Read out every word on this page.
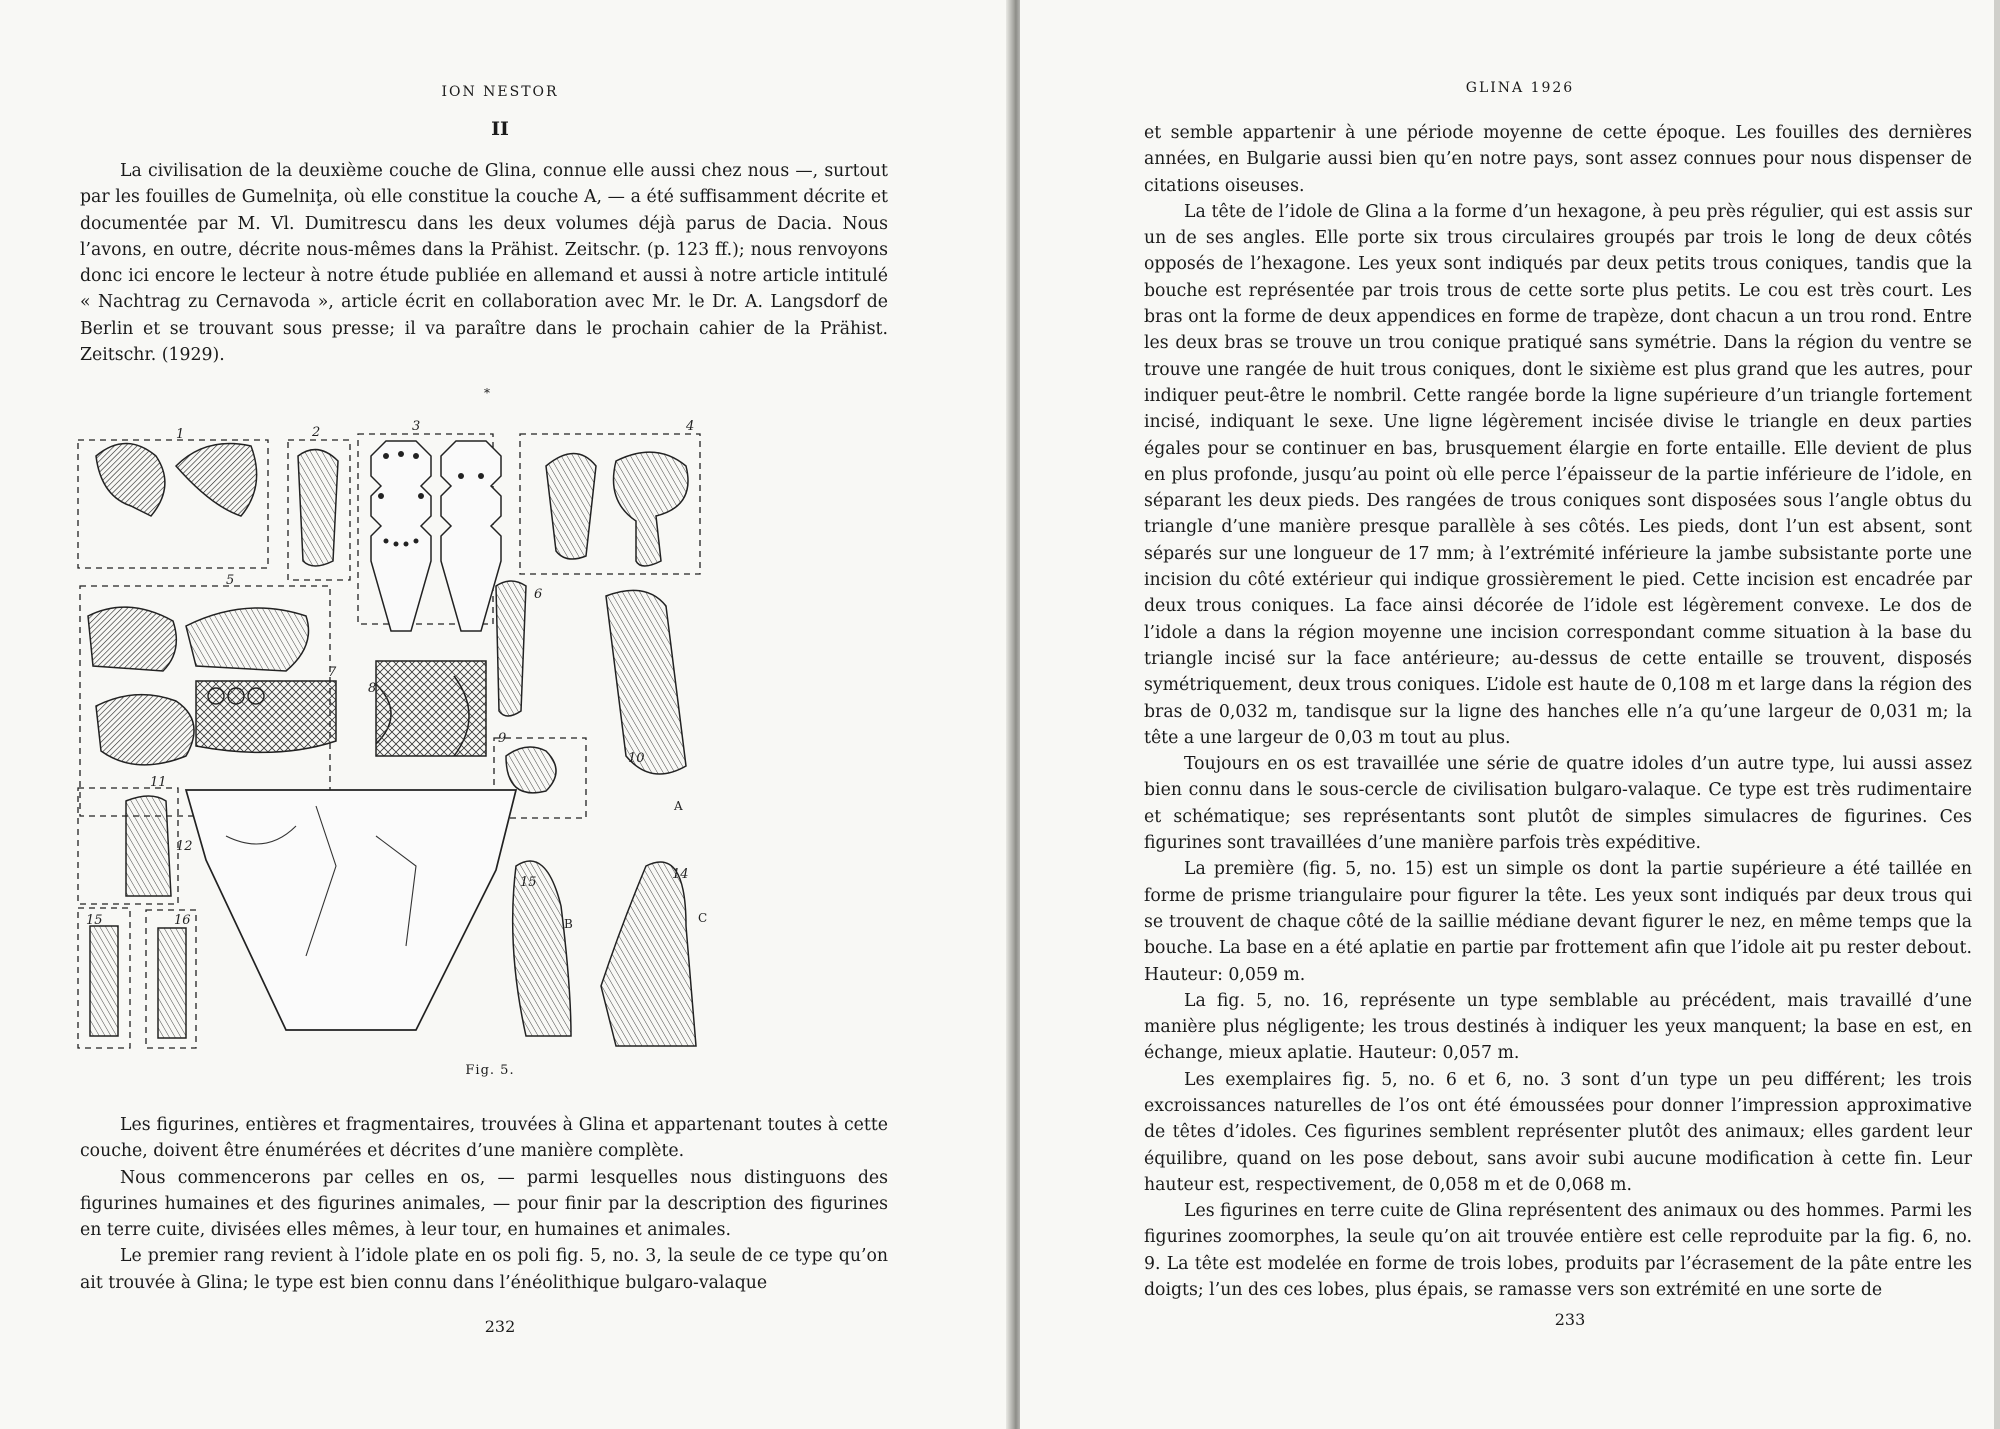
ION NESTOR
II

La civilisation de la deuxième couche de Glina, connue elle aussi chez nous —, surtout par les fouilles de Gumelniţa, où elle constitue la couche A, — a été suffisamment décrite et documentée par M. Vl. Dumitrescu dans les deux volumes déjà parus de Dacia. Nous l’avons, en outre, décrite nous-mêmes dans la Prähist. Zeitschr. (p. 123 ff.); nous renvoyons donc ici encore le lecteur à notre étude publiée en allemand et aussi à notre article intitulé « Nachtrag zu Cernavoda », article écrit en collaboration avec Mr. le Dr. A. Langsdorf de Berlin et se trouvant sous presse; il va paraître dans le prochain cahier de la Prähist. Zeitschr. (1929).

*
1	2	3	4
5
6
7
8
9
10
11
12
14
15
15	16
A
B	C
Fig. 5.

Les figurines, entières et fragmentaires, trouvées à Glina et appartenant toutes à cette couche, doivent être énumérées et décrites d’une manière complète.

Nous commencerons par celles en os, — parmi lesquelles nous distinguons des figurines humaines et des figurines animales, — pour finir par la description des figurines en terre cuite, divisées elles mêmes, à leur tour, en humaines et animales.

Le premier rang revient à l’idole plate en os poli fig. 5, no. 3, la seule de ce type qu’on ait trouvée à Glina; le type est bien connu dans l’énéolithique bulgaro-valaque

232
GLINA 1926

et semble appartenir à une période moyenne de cette époque. Les fouilles des dernières années, en Bulgarie aussi bien qu’en notre pays, sont assez connues pour nous dispenser de citations oiseuses.

La tête de l’idole de Glina a la forme d’un hexagone, à peu près régulier, qui est assis sur un de ses angles. Elle porte six trous circulaires groupés par trois le long de deux côtés opposés de l’hexagone. Les yeux sont indiqués par deux petits trous coniques, tandis que la bouche est représentée par trois trous de cette sorte plus petits. Le cou est très court. Les bras ont la forme de deux appendices en forme de trapèze, dont chacun a un trou rond. Entre les deux bras se trouve un trou conique pratiqué sans symétrie. Dans la région du ventre se trouve une rangée de huit trous coniques, dont le sixième est plus grand que les autres, pour indiquer peut-être le nombril. Cette rangée borde la ligne supérieure d’un triangle fortement incisé, indiquant le sexe. Une ligne légèrement incisée divise le triangle en deux parties égales pour se continuer en bas, brusquement élargie en forte entaille. Elle devient de plus en plus profonde, jusqu’au point où elle perce l’épaisseur de la partie inférieure de l’idole, en séparant les deux pieds. Des rangées de trous coniques sont disposées sous l’angle obtus du triangle d’une manière presque parallèle à ses côtés. Les pieds, dont l’un est absent, sont séparés sur une longueur de 17 mm; à l’extrémité inférieure la jambe subsistante porte une incision du côté extérieur qui indique grossièrement le pied. Cette incision est encadrée par deux trous coniques. La face ainsi décorée de l’idole est légèrement convexe. Le dos de l’idole a dans la région moyenne une incision correspondant comme situation à la base du triangle incisé sur la face antérieure; au-dessus de cette entaille se trouvent, disposés symétriquement, deux trous coniques. L’idole est haute de 0,108 m et large dans la région des bras de 0,032 m, tandisque sur la ligne des hanches elle n’a qu’une largeur de 0,031 m; la tête a une largeur de 0,03 m tout au plus.

Toujours en os est travaillée une série de quatre idoles d’un autre type, lui aussi assez bien connu dans le sous-cercle de civilisation bulgaro-valaque. Ce type est très rudimentaire et schématique; ses représentants sont plutôt de simples simulacres de figurines. Ces figurines sont travaillées d’une manière parfois très expéditive.

La première (fig. 5, no. 15) est un simple os dont la partie supérieure a été taillée en forme de prisme triangulaire pour figurer la tête. Les yeux sont indiqués par deux trous qui se trouvent de chaque côté de la saillie médiane devant figurer le nez, en même temps que la bouche. La base en a été aplatie en partie par frottement afin que l’idole ait pu rester debout. Hauteur: 0,059 m.

La fig. 5, no. 16, représente un type semblable au précédent, mais travaillé d’une manière plus négligente; les trous destinés à indiquer les yeux manquent; la base en est, en échange, mieux aplatie. Hauteur: 0,057 m.

Les exemplaires fig. 5, no. 6 et 6, no. 3 sont d’un type un peu différent; les trois excroissances naturelles de l’os ont été émoussées pour donner l’impression approximative de têtes d’idoles. Ces figurines semblent représenter plutôt des animaux; elles gardent leur équilibre, quand on les pose debout, sans avoir subi aucune modification à cette fin. Leur hauteur est, respectivement, de 0,058 m et de 0,068 m.

Les figurines en terre cuite de Glina représentent des animaux ou des hommes. Parmi les figurines zoomorphes, la seule qu’on ait trouvée entière est celle reproduite par la fig. 6, no. 9. La tête est modelée en forme de trois lobes, produits par l’écrasement de la pâte entre les doigts; l’un des ces lobes, plus épais, se ramasse vers son extrémité en une sorte de

233
